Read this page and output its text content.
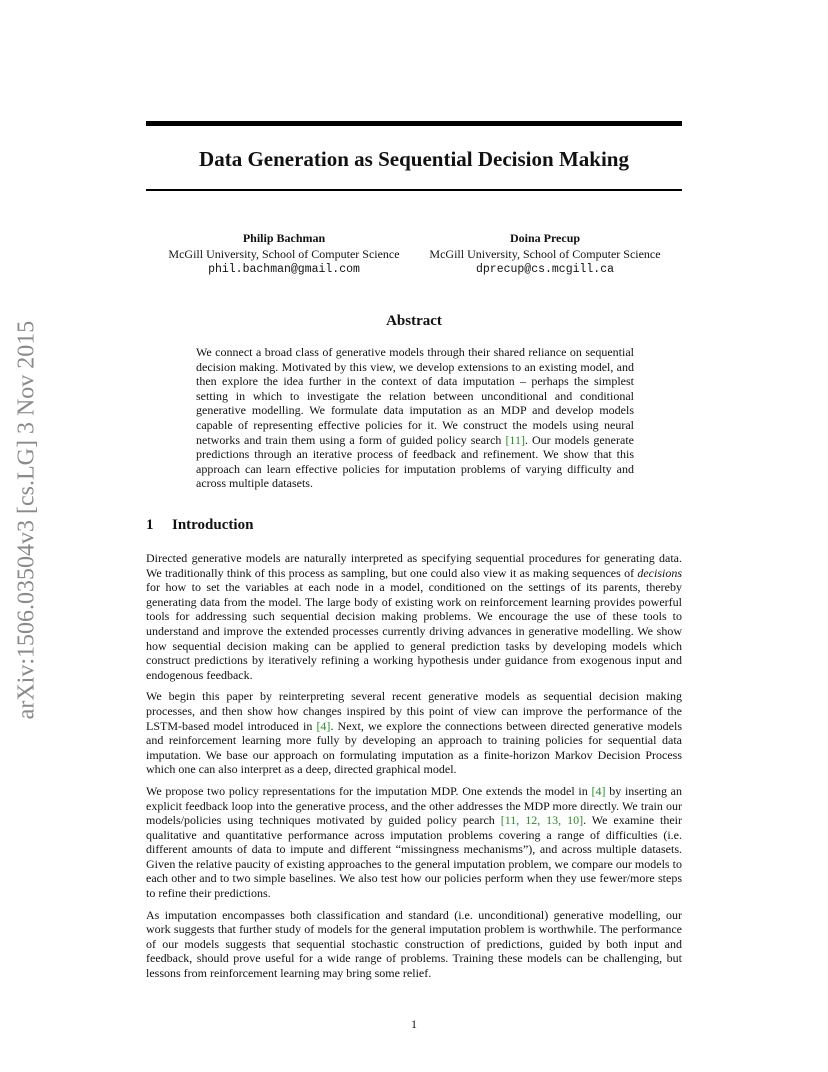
arXiv:1506.03504v3 [cs.LG] 3 Nov 2015
Data Generation as Sequential Decision Making
Philip Bachman
McGill University, School of Computer Science
phil.bachman@gmail.com
Doina Precup
McGill University, School of Computer Science
dprecup@cs.mcgill.ca
Abstract
We connect a broad class of generative models through their shared reliance on sequential decision making. Motivated by this view, we develop extensions to an existing model, and then explore the idea further in the context of data imputation – perhaps the simplest setting in which to investigate the relation between unconditional and conditional generative modelling. We formulate data imputation as an MDP and develop models capable of representing effective policies for it. We construct the models using neural networks and train them using a form of guided policy search [11]. Our models generate predictions through an iterative process of feedback and refinement. We show that this approach can learn effective policies for imputation problems of varying difficulty and across multiple datasets.
1 Introduction

Directed generative models are naturally interpreted as specifying sequential procedures for generating data. We traditionally think of this process as sampling, but one could also view it as making sequences of decisions for how to set the variables at each node in a model, conditioned on the settings of its parents, thereby generating data from the model. The large body of existing work on reinforcement learning provides powerful tools for addressing such sequential decision making problems. We encourage the use of these tools to understand and improve the extended processes currently driving advances in generative modelling. We show how sequential decision making can be applied to general prediction tasks by developing models which construct predictions by iteratively refining a working hypothesis under guidance from exogenous input and endogenous feedback.

We begin this paper by reinterpreting several recent generative models as sequential decision making processes, and then show how changes inspired by this point of view can improve the performance of the LSTM-based model introduced in [4]. Next, we explore the connections between directed generative models and reinforcement learning more fully by developing an approach to training policies for sequential data imputation. We base our approach on formulating imputation as a finite-horizon Markov Decision Process which one can also interpret as a deep, directed graphical model.

We propose two policy representations for the imputation MDP. One extends the model in [4] by inserting an explicit feedback loop into the generative process, and the other addresses the MDP more directly. We train our models/policies using techniques motivated by guided policy pearch [11, 12, 13, 10]. We examine their qualitative and quantitative performance across imputation problems covering a range of difficulties (i.e. different amounts of data to impute and different “missingness mechanisms”), and across multiple datasets. Given the relative paucity of existing approaches to the general imputation problem, we compare our models to each other and to two simple baselines. We also test how our policies perform when they use fewer/more steps to refine their predictions.

As imputation encompasses both classification and standard (i.e. unconditional) generative modelling, our work suggests that further study of models for the general imputation problem is worthwhile. The performance of our models suggests that sequential stochastic construction of predictions, guided by both input and feedback, should prove useful for a wide range of problems. Training these models can be challenging, but lessons from reinforcement learning may bring some relief.

1
